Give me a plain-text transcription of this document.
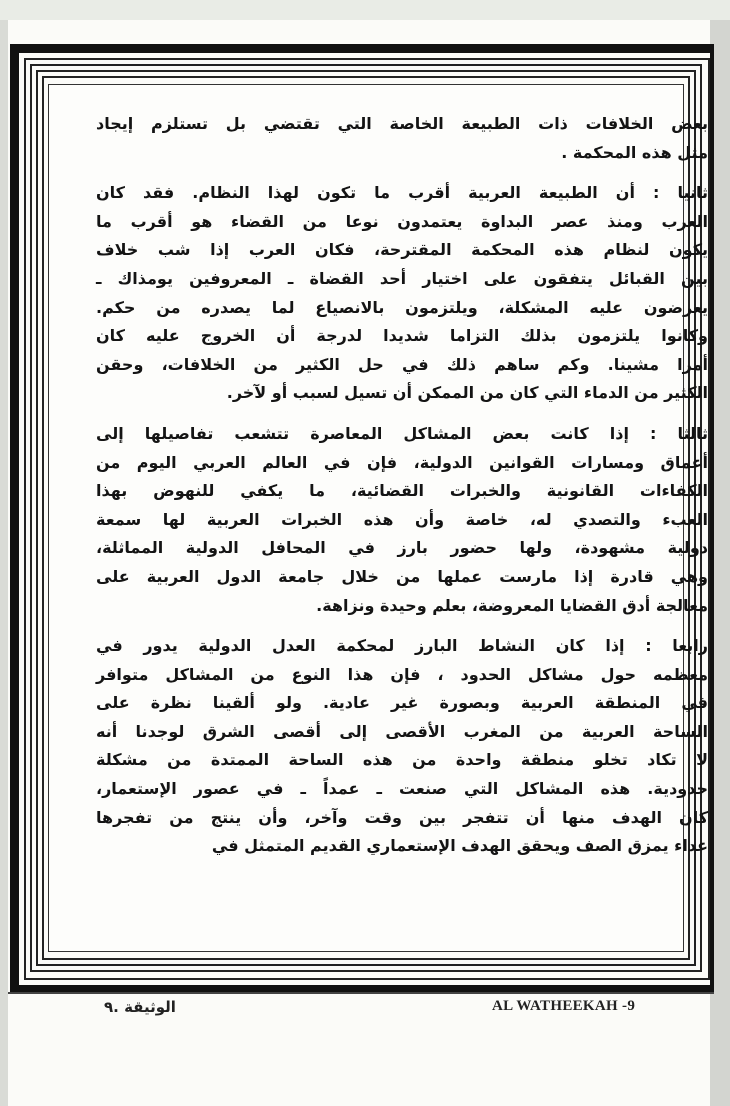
بعض الخلافات ذات الطبيعة الخاصة التي تقتضي بل تستلزم إيجاد
مثل هذه المحكمة .
ثانيا : أن الطبيعة العربية أقرب ما تكون لهذا النظام. فقد كان
العرب ومنذ عصر البداوة يعتمدون نوعا من القضاء هو أقرب ما
يكون لنظام هذه المحكمة المقترحة، فكان العرب إذا شب خلاف
بين القبائل يتفقون على اختيار أحد القضاة ـ المعروفين يومذاك ـ
يعرضون عليه المشكلة، ويلتزمون بالانصياع لما يصدره من حكم.
وكانوا يلتزمون بذلك التزاما شديدا لدرجة أن الخروج عليه كان
أمرا مشينا. وكم ساهم ذلك في حل الكثير من الخلافات، وحقن
الكثير من الدماء التي كان من الممكن أن تسيل لسبب أو لآخر.
ثالثا : إذا كانت بعض المشاكل المعاصرة تتشعب تفاصيلها إلى
أعماق ومسارات القوانين الدولية، فإن في العالم العربي اليوم من
الكفاءات القانونية والخبرات القضائية، ما يكفي للنهوض بهذا
العبء والتصدي له، خاصة وأن هذه الخبرات العربية لها سمعة
دولية مشهودة، ولها حضور بارز في المحافل الدولية المماثلة،
وهي قادرة إذا مارست عملها من خلال جامعة الدول العربية على
معالجة أدق القضايا المعروضة، بعلم وحيدة ونزاهة.
رابعا : إذا كان النشاط البارز لمحكمة العدل الدولية يدور في
معظمه حول مشاكل الحدود ، فإن هذا النوع من المشاكل متوافر
في المنطقة العربية وبصورة غير عادية. ولو ألقينا نظرة على
الساحة العربية من المغرب الأقصى إلى أقصى الشرق لوجدنا أنه
لا تكاد تخلو منطقة واحدة من هذه الساحة الممتدة من مشكلة
حدودية. هذه المشاكل التي صنعت ـ عمداً ـ في عصور الإستعمار،
كان الهدف منها أن تتفجر بين وقت وآخر، وأن ينتج من تفجرها
عداء يمزق الصف ويحقق الهدف الإستعماري القديم المتمثل في
AL WATHEEKAH -9
الوثيقة .٩
